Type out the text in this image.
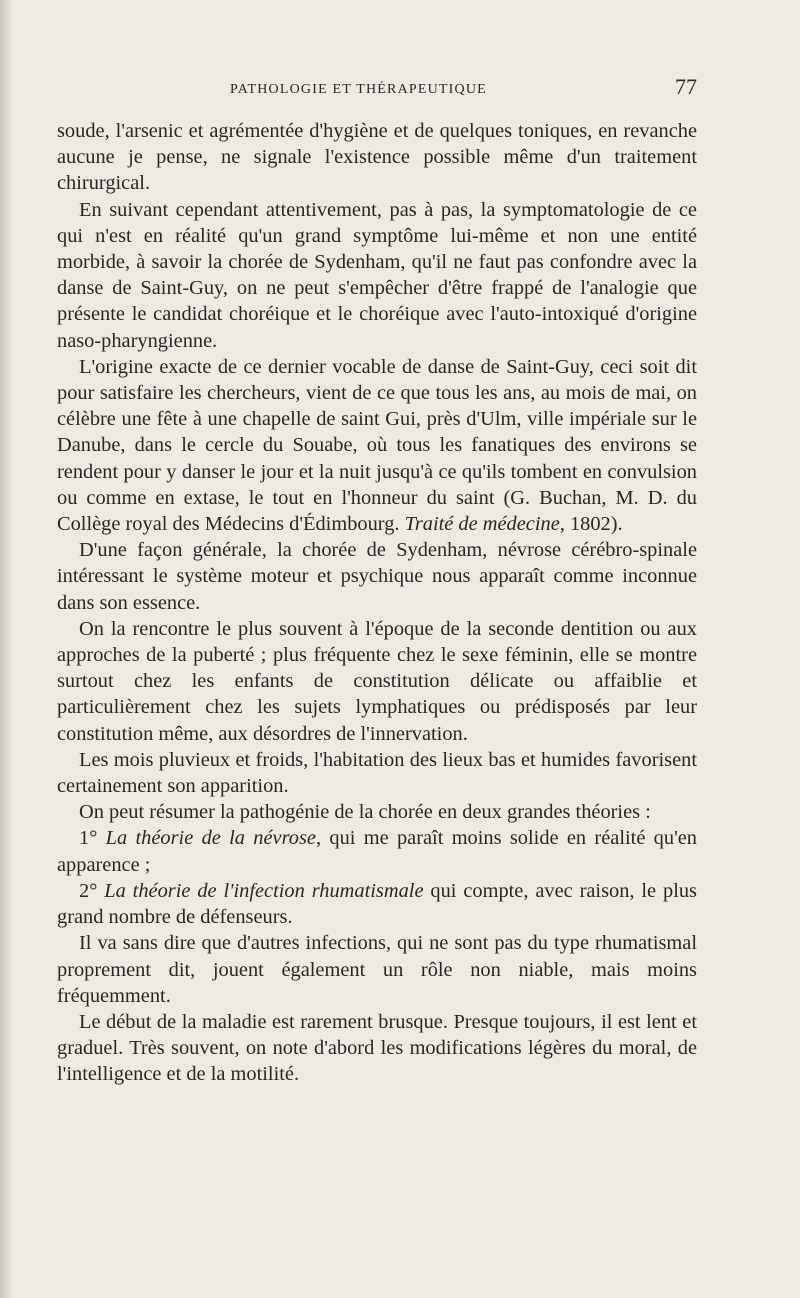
PATHOLOGIE ET THÉRAPEUTIQUE	77

soude, l'arsenic et agrémentée d'hygiène et de quelques toniques, en revanche aucune je pense, ne signale l'existence possible même d'un traitement chirurgical.

En suivant cependant attentivement, pas à pas, la symptomatologie de ce qui n'est en réalité qu'un grand symptôme lui-même et non une entité morbide, à savoir la chorée de Sydenham, qu'il ne faut pas confondre avec la danse de Saint-Guy, on ne peut s'empêcher d'être frappé de l'analogie que présente le candidat choréique et le choréique avec l'auto-intoxiqué d'origine naso-pharyngienne.

L'origine exacte de ce dernier vocable de danse de Saint-Guy, ceci soit dit pour satisfaire les chercheurs, vient de ce que tous les ans, au mois de mai, on célèbre une fête à une chapelle de saint Gui, près d'Ulm, ville impériale sur le Danube, dans le cercle du Souabe, où tous les fanatiques des environs se rendent pour y danser le jour et la nuit jusqu'à ce qu'ils tombent en convulsion ou comme en extase, le tout en l'honneur du saint (G. Buchan, M. D. du Collège royal des Médecins d'Édimbourg. Traité de médecine, 1802).

D'une façon générale, la chorée de Sydenham, névrose cérébro-spinale intéressant le système moteur et psychique nous apparaît comme inconnue dans son essence.

On la rencontre le plus souvent à l'époque de la seconde dentition ou aux approches de la puberté ; plus fréquente chez le sexe féminin, elle se montre surtout chez les enfants de constitution délicate ou affaiblie et particulièrement chez les sujets lymphatiques ou prédisposés par leur constitution même, aux désordres de l'innervation.

Les mois pluvieux et froids, l'habitation des lieux bas et humides favorisent certainement son apparition.

On peut résumer la pathogénie de la chorée en deux grandes théories :

1° La théorie de la névrose, qui me paraît moins solide en réalité qu'en apparence ;

2° La théorie de l'infection rhumatismale qui compte, avec raison, le plus grand nombre de défenseurs.

Il va sans dire que d'autres infections, qui ne sont pas du type rhumatismal proprement dit, jouent également un rôle non niable, mais moins fréquemment.

Le début de la maladie est rarement brusque. Presque toujours, il est lent et graduel. Très souvent, on note d'abord les modifications légères du moral, de l'intelligence et de la motilité.
